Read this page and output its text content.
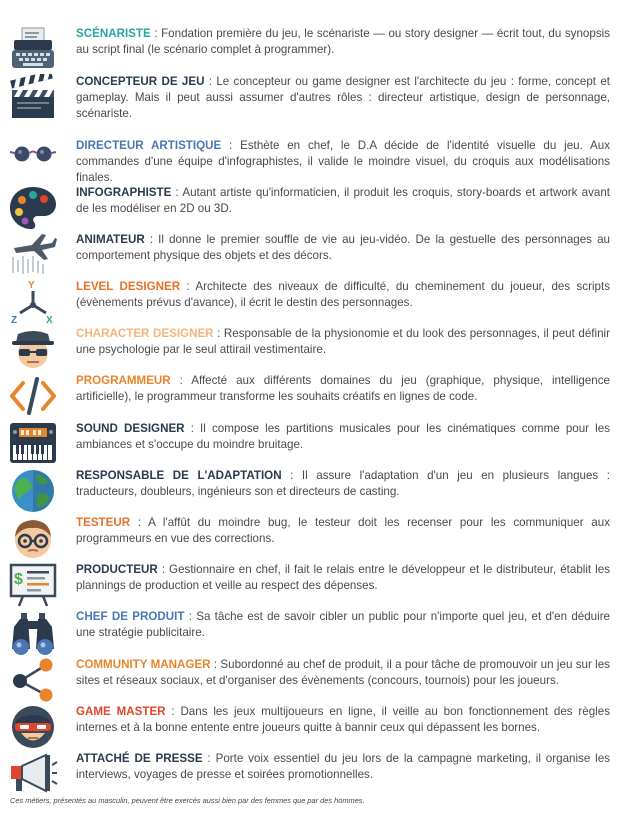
SCÉNARISTE : Fondation première du jeu, le scénariste — ou story designer — écrit tout, du synopsis au script final (le scénario complet à programmer).

CONCEPTEUR DE JEU : Le concepteur ou game designer est l'architecte du jeu : forme, concept et gameplay. Mais il peut aussi assumer d'autres rôles : directeur artistique, design de personnage, scénariste.

DIRECTEUR ARTISTIQUE : Esthète en chef, le D.A décide de l'identité visuelle du jeu. Aux commandes d'une équipe d'infographistes, il valide le moindre visuel, du croquis aux modélisations finales.

INFOGRAPHISTE : Autant artiste qu'informaticien, il produit les croquis, story-boards et artwork avant de les modéliser en 2D ou 3D.

ANIMATEUR : Il donne le premier souffle de vie au jeu-vidéo. De la gestuelle des personnages au comportement physique des objets et des décors.

Y
Z	X

LEVEL DESIGNER : Architecte des niveaux de difficulté, du cheminement du joueur, des scripts (évènements prévus d'avance), il écrit le destin des personnages.

CHARACTER DESIGNER : Responsable de la physionomie et du look des personnages, il peut définir une psychologie par le seul attirail vestimentaire.

PROGRAMMEUR : Affecté aux différents domaines du jeu (graphique, physique, intelligence artificielle), le programmeur transforme les souhaits créatifs en lignes de code.

SOUND DESIGNER : Il compose les partitions musicales pour les cinématiques comme pour les ambiances et s'occupe du moindre bruitage.

RESPONSABLE DE L'ADAPTATION : Il assure l'adaptation d'un jeu en plusieurs langues : traducteurs, doubleurs, ingénieurs son et directeurs de casting.

TESTEUR : A l'affût du moindre bug, le testeur doit les recenser pour les communiquer aux programmeurs en vue des corrections.

$

PRODUCTEUR : Gestionnaire en chef, il fait le relais entre le développeur et le distributeur, établit les plannings de production et veille au respect des dépenses.

CHEF DE PRODUIT : Sa tâche est de savoir cibler un public pour n'importe quel jeu, et d'en déduire une stratégie publicitaire.

COMMUNITY MANAGER : Subordonné au chef de produit, il a pour tâche de promouvoir un jeu sur les sites et réseaux sociaux, et d'organiser des évènements (concours, tournois) pour les joueurs.

GAME MASTER : Dans les jeux multijoueurs en ligne, il veille au bon fonctionnement des règles internes et à la bonne entente entre joueurs quitte à bannir ceux qui dépassent les bornes.

ATTACHÉ DE PRESSE : Porte voix essentiel du jeu lors de la campagne marketing, il organise les interviews, voyages de presse et soirées promotionnelles.

Ces métiers, présentés au masculin, peuvent être exercés aussi bien par des femmes que par des hommes.
